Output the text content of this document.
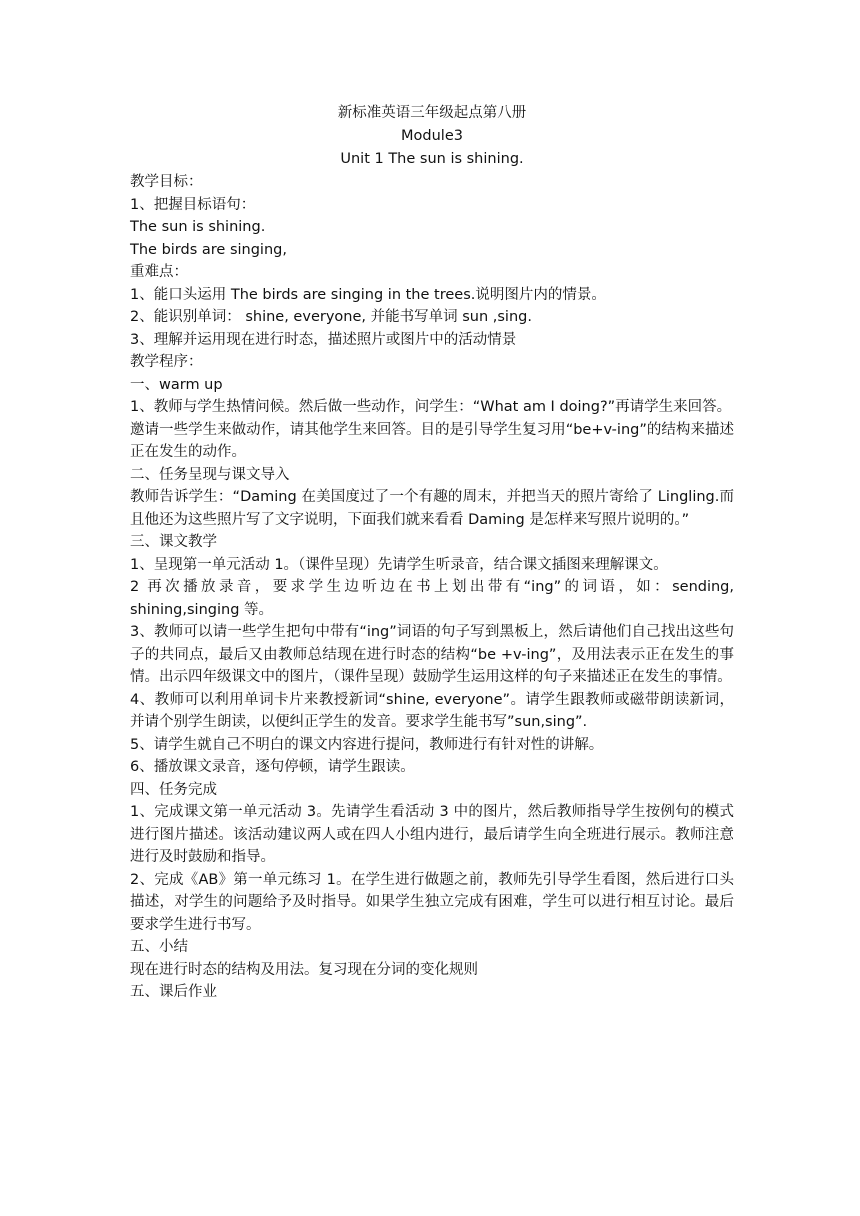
新标准英语三年级起点第八册
Module3
Unit 1 The sun is shining.
教学目标：
1、把握目标语句：
The sun is shining.
The birds are singing,
重难点：
1、能口头运用 The birds are singing in the trees.说明图片内的情景。
2、能识别单词： shine, everyone, 并能书写单词 sun ,sing.
3、理解并运用现在进行时态，描述照片或图片中的活动情景
教学程序：
一、warm up
1、教师与学生热情问候。然后做一些动作，问学生：“What am I doing?”再请学生来回答。
邀请一些学生来做动作，请其他学生来回答。目的是引导学生复习用“be+v-ing”的结构来描述正在发生的动作。
二、任务呈现与课文导入
教师告诉学生：“Daming 在美国度过了一个有趣的周末，并把当天的照片寄给了 Lingling.而且他还为这些照片写了文字说明，下面我们就来看看 Daming 是怎样来写照片说明的。”
三、课文教学
1、呈现第一单元活动 1。（课件呈现）先请学生听录音，结合课文插图来理解课文。
2 再次播放录音，要求学生边听边在书上划出带有“ing”的词语，如：sending, shining,singing 等。
3、教师可以请一些学生把句中带有“ing”词语的句子写到黑板上，然后请他们自己找出这些句子的共同点，最后又由教师总结现在进行时态的结构“be +v-ing”，及用法表示正在发生的事情。出示四年级课文中的图片，（课件呈现）鼓励学生运用这样的句子来描述正在发生的事情。
4、教师可以利用单词卡片来教授新词“shine, everyone”。请学生跟教师或磁带朗读新词，并请个别学生朗读，以便纠正学生的发音。要求学生能书写”sun,sing”.
5、请学生就自己不明白的课文内容进行提问，教师进行有针对性的讲解。
6、播放课文录音，逐句停顿，请学生跟读。
四、任务完成
1、完成课文第一单元活动 3。先请学生看活动 3 中的图片，然后教师指导学生按例句的模式进行图片描述。该活动建议两人或在四人小组内进行，最后请学生向全班进行展示。教师注意进行及时鼓励和指导。
2、完成《AB》第一单元练习 1。在学生进行做题之前，教师先引导学生看图，然后进行口头描述，对学生的问题给予及时指导。如果学生独立完成有困难，学生可以进行相互讨论。最后要求学生进行书写。
五、小结
现在进行时态的结构及用法。复习现在分词的变化规则
五、课后作业
